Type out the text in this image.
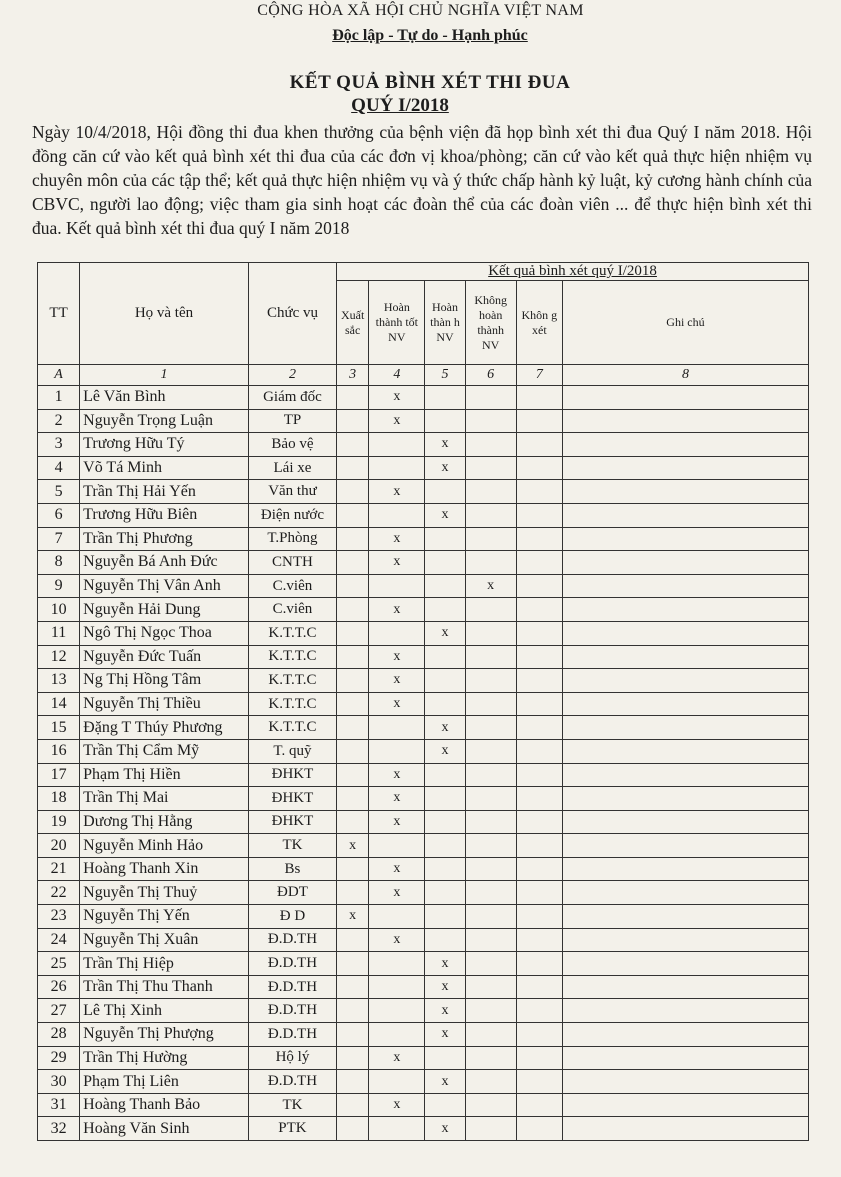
CỘNG HÒA XÃ HỘI CHỦ NGHĨA VIỆT NAM
Độc lập - Tự do - Hạnh phúc
KẾT QUẢ BÌNH XÉT THI ĐUA
QUÝ I/2018
Ngày 10/4/2018, Hội đồng thi đua khen thưởng của bệnh viện đã họp bình xét thi đua Quý I năm 2018. Hội đồng căn cứ vào kết quả bình xét thi đua của các đơn vị khoa/phòng; căn cứ vào kết quả thực hiện nhiệm vụ chuyên môn của các tập thể; kết quả thực hiện nhiệm vụ và ý thức chấp hành kỷ luật, kỷ cương hành chính của CBVC, người lao động; việc tham gia sinh hoạt các đoàn thể của các đoàn viên ... để thực hiện bình xét thi đua. Kết quả bình xét thi đua quý I năm 2018
TT	Họ và tên	Chức vụ	Kết quả bình xét quý I/2018					
			Xuất sắc	Hoàn thành tốt NV	Hoàn thàn h NV	Không hoàn thành NV	Khôn g xét	Ghi chú
A	1	2	3	4	5	6	7	8
1	Lê Văn Bình	Giám đốc		x				
2	Nguyễn Trọng Luận	TP		x				
3	Trương Hữu Tý	Bảo vệ			x			
4	Võ Tá Minh	Lái xe			x			
5	Trần Thị Hải Yến	Văn thư		x				
6	Trương Hữu Biên	Điện nước			x			
7	Trần Thị Phương	T.Phòng		x				
8	Nguyễn Bá Anh Đức	CNTH		x				
9	Nguyễn Thị Vân Anh	C.viên				x		
10	Nguyễn Hải Dung	C.viên		x				
11	Ngô Thị Ngọc Thoa	K.T.T.C			x			
12	Nguyễn Đức Tuấn	K.T.T.C		x				
13	Ng Thị Hồng Tâm	K.T.T.C		x				
14	Nguyễn Thị Thiều	K.T.T.C		x				
15	Đặng T Thúy Phương	K.T.T.C			x			
16	Trần Thị Cẩm Mỹ	T. quỹ			x			
17	Phạm Thị Hiền	ĐHKT		x				
18	Trần Thị Mai	ĐHKT		x				
19	Dương Thị Hằng	ĐHKT		x				
20	Nguyễn Minh Hảo	TK	x					
21	Hoàng Thanh Xin	Bs		x				
22	Nguyễn Thị Thuỷ	ĐDT		x				
23	Nguyễn Thị Yến	Đ D	x					
24	Nguyễn Thị Xuân	Đ.D.TH		x				
25	Trần Thị Hiệp	Đ.D.TH			x			
26	Trần Thị Thu Thanh	Đ.D.TH			x			
27	Lê Thị Xinh	Đ.D.TH			x			
28	Nguyễn Thị Phượng	Đ.D.TH			x			
29	Trần Thị Hường	Hộ lý		x				
30	Phạm Thị Liên	Đ.D.TH			x			
31	Hoàng Thanh Bảo	TK		x				
32	Hoàng Văn Sinh	PTK			x			
